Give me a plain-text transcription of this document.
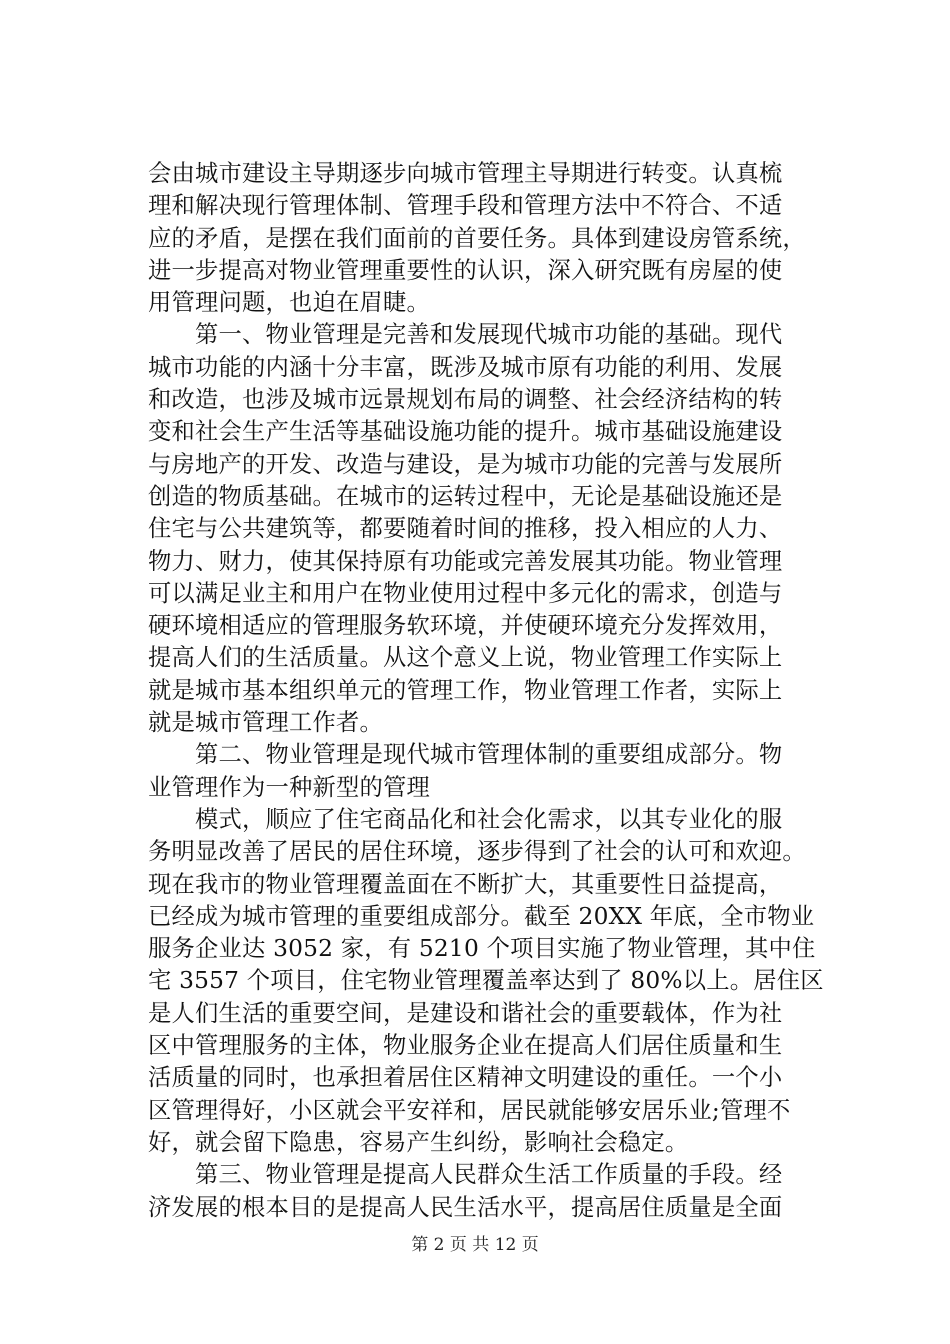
会由城市建设主导期逐步向城市管理主导期进行转变。认真梳
理和解决现行管理体制、管理手段和管理方法中不符合、不适
应的矛盾，是摆在我们面前的首要任务。具体到建设房管系统，
进一步提高对物业管理重要性的认识，深入研究既有房屋的使
用管理问题，也迫在眉睫。
　　第一、物业管理是完善和发展现代城市功能的基础。现代
城市功能的内涵十分丰富，既涉及城市原有功能的利用、发展
和改造，也涉及城市远景规划布局的调整、社会经济结构的转
变和社会生产生活等基础设施功能的提升。城市基础设施建设
与房地产的开发、改造与建设，是为城市功能的完善与发展所
创造的物质基础。在城市的运转过程中，无论是基础设施还是
住宅与公共建筑等，都要随着时间的推移，投入相应的人力、
物力、财力，使其保持原有功能或完善发展其功能。物业管理
可以满足业主和用户在物业使用过程中多元化的需求，创造与
硬环境相适应的管理服务软环境，并使硬环境充分发挥效用，
提高人们的生活质量。从这个意义上说，物业管理工作实际上
就是城市基本组织单元的管理工作，物业管理工作者，实际上
就是城市管理工作者。
　　第二、物业管理是现代城市管理体制的重要组成部分。物
业管理作为一种新型的管理
　　模式，顺应了住宅商品化和社会化需求，以其专业化的服
务明显改善了居民的居住环境，逐步得到了社会的认可和欢迎。
现在我市的物业管理覆盖面在不断扩大，其重要性日益提高，
已经成为城市管理的重要组成部分。截至 20XX 年底，全市物业
服务企业达 3052 家，有 5210 个项目实施了物业管理，其中住
宅 3557 个项目，住宅物业管理覆盖率达到了 80%以上。居住区
是人们生活的重要空间，是建设和谐社会的重要载体，作为社
区中管理服务的主体，物业服务企业在提高人们居住质量和生
活质量的同时，也承担着居住区精神文明建设的重任。一个小
区管理得好，小区就会平安祥和，居民就能够安居乐业;管理不
好，就会留下隐患，容易产生纠纷，影响社会稳定。
　　第三、物业管理是提高人民群众生活工作质量的手段。经
济发展的根本目的是提高人民生活水平，提高居住质量是全面
第 2 页 共 12 页
